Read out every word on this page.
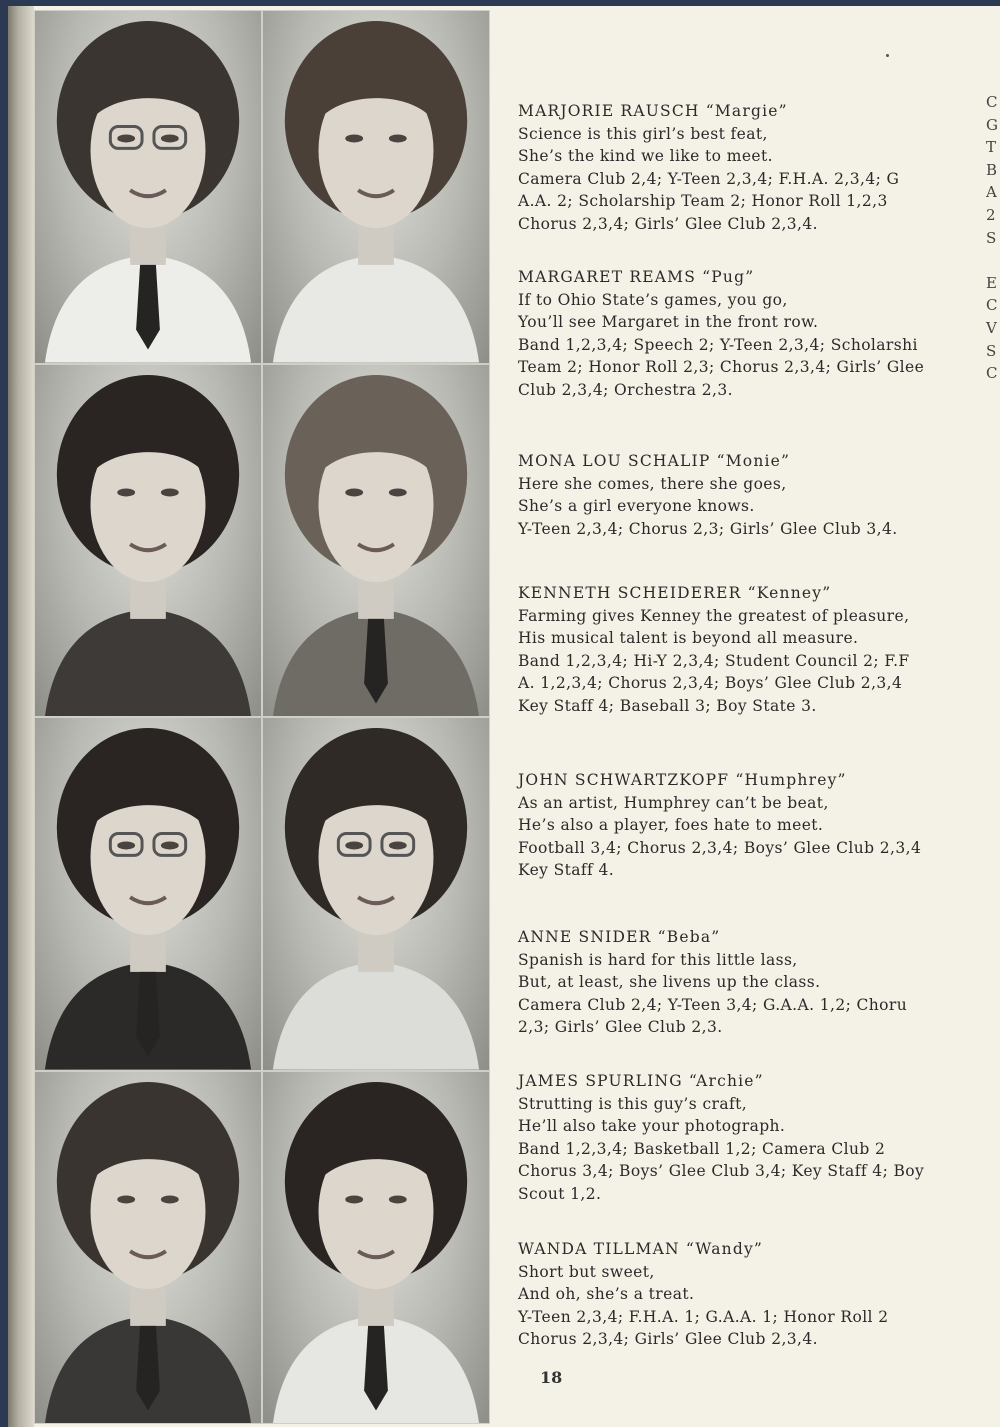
MARJORIE RAUSCH “Margie”
Science is this girl’s best feat,
She’s the kind we like to meet.
Camera Club 2,4; Y-Teen 2,3,4; F.H.A. 2,3,4; G
A.A. 2; Scholarship Team 2; Honor Roll 1,2,3
Chorus 2,3,4; Girls’ Glee Club 2,3,4.
MARGARET REAMS “Pug”
If to Ohio State’s games, you go,
You’ll see Margaret in the front row.
Band 1,2,3,4; Speech 2; Y-Teen 2,3,4; Scholarshi
Team 2; Honor Roll 2,3; Chorus 2,3,4; Girls’ Glee
Club 2,3,4; Orchestra 2,3.
MONA LOU SCHALIP “Monie”
Here she comes, there she goes,
She’s a girl everyone knows.
Y-Teen 2,3,4; Chorus 2,3; Girls’ Glee Club 3,4.
KENNETH SCHEIDERER “Kenney”
Farming gives Kenney the greatest of pleasure,
His musical talent is beyond all measure.
Band 1,2,3,4; Hi-Y 2,3,4; Student Council 2; F.F
A. 1,2,3,4; Chorus 2,3,4; Boys’ Glee Club 2,3,4
Key Staff 4; Baseball 3; Boy State 3.
JOHN SCHWARTZKOPF “Humphrey”
As an artist, Humphrey can’t be beat,
He’s also a player, foes hate to meet.
Football 3,4; Chorus 2,3,4; Boys’ Glee Club 2,3,4
Key Staff 4.
ANNE SNIDER “Beba”
Spanish is hard for this little lass,
But, at least, she livens up the class.
Camera Club 2,4; Y-Teen 3,4; G.A.A. 1,2; Choru
2,3; Girls’ Glee Club 2,3.
JAMES SPURLING “Archie”
Strutting is this guy’s craft,
He’ll also take your photograph.
Band 1,2,3,4; Basketball 1,2; Camera Club 2
Chorus 3,4; Boys’ Glee Club 3,4; Key Staff 4; Boy
Scout 1,2.
WANDA TILLMAN “Wandy”
Short but sweet,
And oh, she’s a treat.
Y-Teen 2,3,4; F.H.A. 1; G.A.A. 1; Honor Roll 2
Chorus 2,3,4; Girls’ Glee Club 2,3,4.
18
C
G
T
B
A
2
S

E
C
V
S
C
